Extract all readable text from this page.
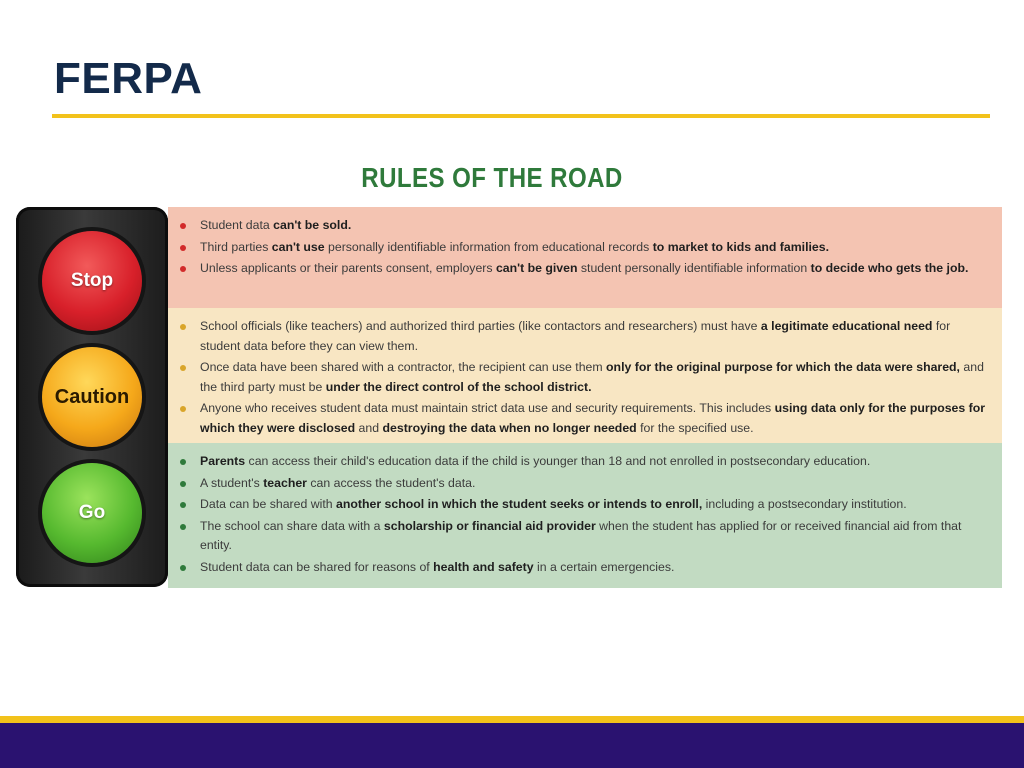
FERPA
RULES OF THE ROAD
Stop
Caution
Go
Student data can't be sold.
Third parties can't use personally identifiable information from educational records to market to kids and families.
Unless applicants or their parents consent, employers can't be given student personally identifiable information to decide who gets the job.
School officials (like teachers) and authorized third parties (like contactors and researchers) must have a legitimate educational need for student data before they can view them.
Once data have been shared with a contractor, the recipient can use them only for the original purpose for which the data were shared, and the third party must be under the direct control of the school district.
Anyone who receives student data must maintain strict data use and security requirements. This includes using data only for the purposes for which they were disclosed and destroying the data when no longer needed for the specified use.
Parents can access their child's education data if the child is younger than 18 and not enrolled in postsecondary education.
A student's teacher can access the student's data.
Data can be shared with another school in which the student seeks or intends to enroll, including a postsecondary institution.
The school can share data with a scholarship or financial aid provider when the student has applied for or received financial aid from that entity.
Student data can be shared for reasons of health and safety in a certain emergencies.
